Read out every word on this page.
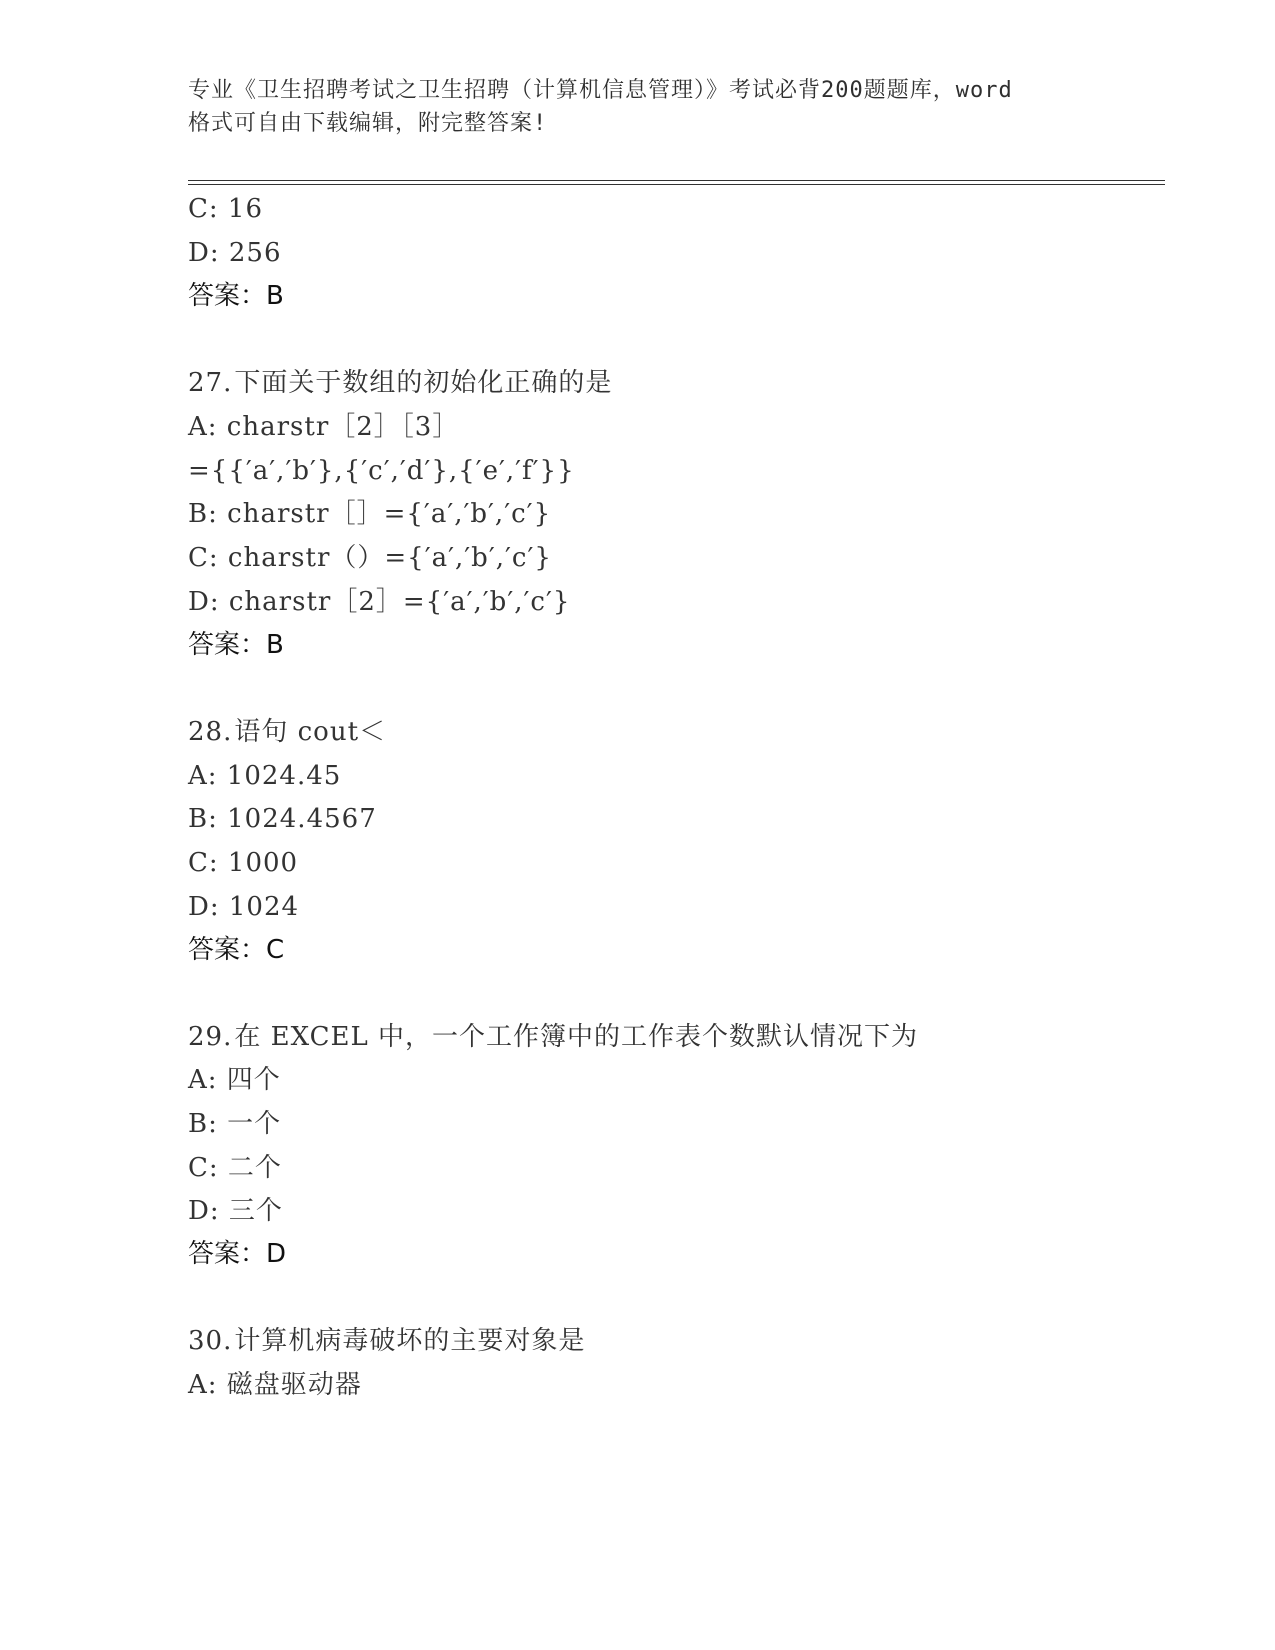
专业《卫生招聘考试之卫生招聘（计算机信息管理）》考试必背200题题库，word
格式可自由下载编辑，附完整答案!
C: 16
D: 256
答案：B
27.下面关于数组的初始化正确的是
A: charstr［2］［3］
={{′a′,′b′},{′c′,′d′},{′e′,′f′}}
B: charstr［］={′a′,′b′,′c′}
C: charstr（）={′a′,′b′,′c′}
D: charstr［2］={′a′,′b′,′c′}
答案：B
28.语句 cout＜
A: 1024.45
B: 1024.4567
C: 1000
D: 1024
答案：C
29.在 EXCEL 中，一个工作簿中的工作表个数默认情况下为
A: 四个
B: 一个
C: 二个
D: 三个
答案：D
30.计算机病毒破坏的主要对象是
A: 磁盘驱动器
